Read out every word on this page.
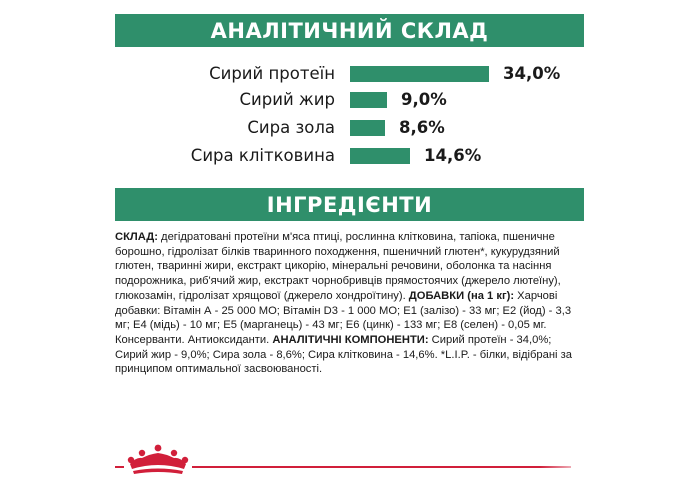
АНАЛІТИЧНИЙ СКЛАД
Сирий протеїн	34,0%
Сирий жир	9,0%
Сира зола	8,6%
Сира клітковина	14,6%
ІНГРЕДІЄНТИ
СКЛАД: дегідратовані протеїни м'яса птиці, рослинна клітковина, тапіока, пшеничне борошно, гідролізат білків тваринного походження, пшеничний глютен*, кукурудзяний глютен, тваринні жири, екстракт цикорію, мінеральні речовини, оболонка та насіння подорожника, риб'ячий жир, екстракт чорнобривців прямостоячих (джерело лютеїну), глюкозамін, гідролізат хрящової (джерело хондроїтину). ДОБАВКИ (на 1 кг): Харчові добавки: Вітамін А - 25 000 МО; Вітамін D3 - 1 000 МО; Е1 (залізо) - 33 мг; Е2 (йод) - 3,3 мг; Е4 (мідь) - 10 мг; Е5 (марганець) - 43 мг; Е6 (цинк) - 133 мг; Е8 (селен) - 0,05 мг. Консерванти. Антиоксиданти. АНАЛІТИЧНІ КОМПОНЕНТИ: Сирий протеїн - 34,0%; Сирий жир - 9,0%; Сира зола - 8,6%; Сира клітковина - 14,6%. *L.I.P. - білки, відібрані за принципом оптимальної засвоюваності.
